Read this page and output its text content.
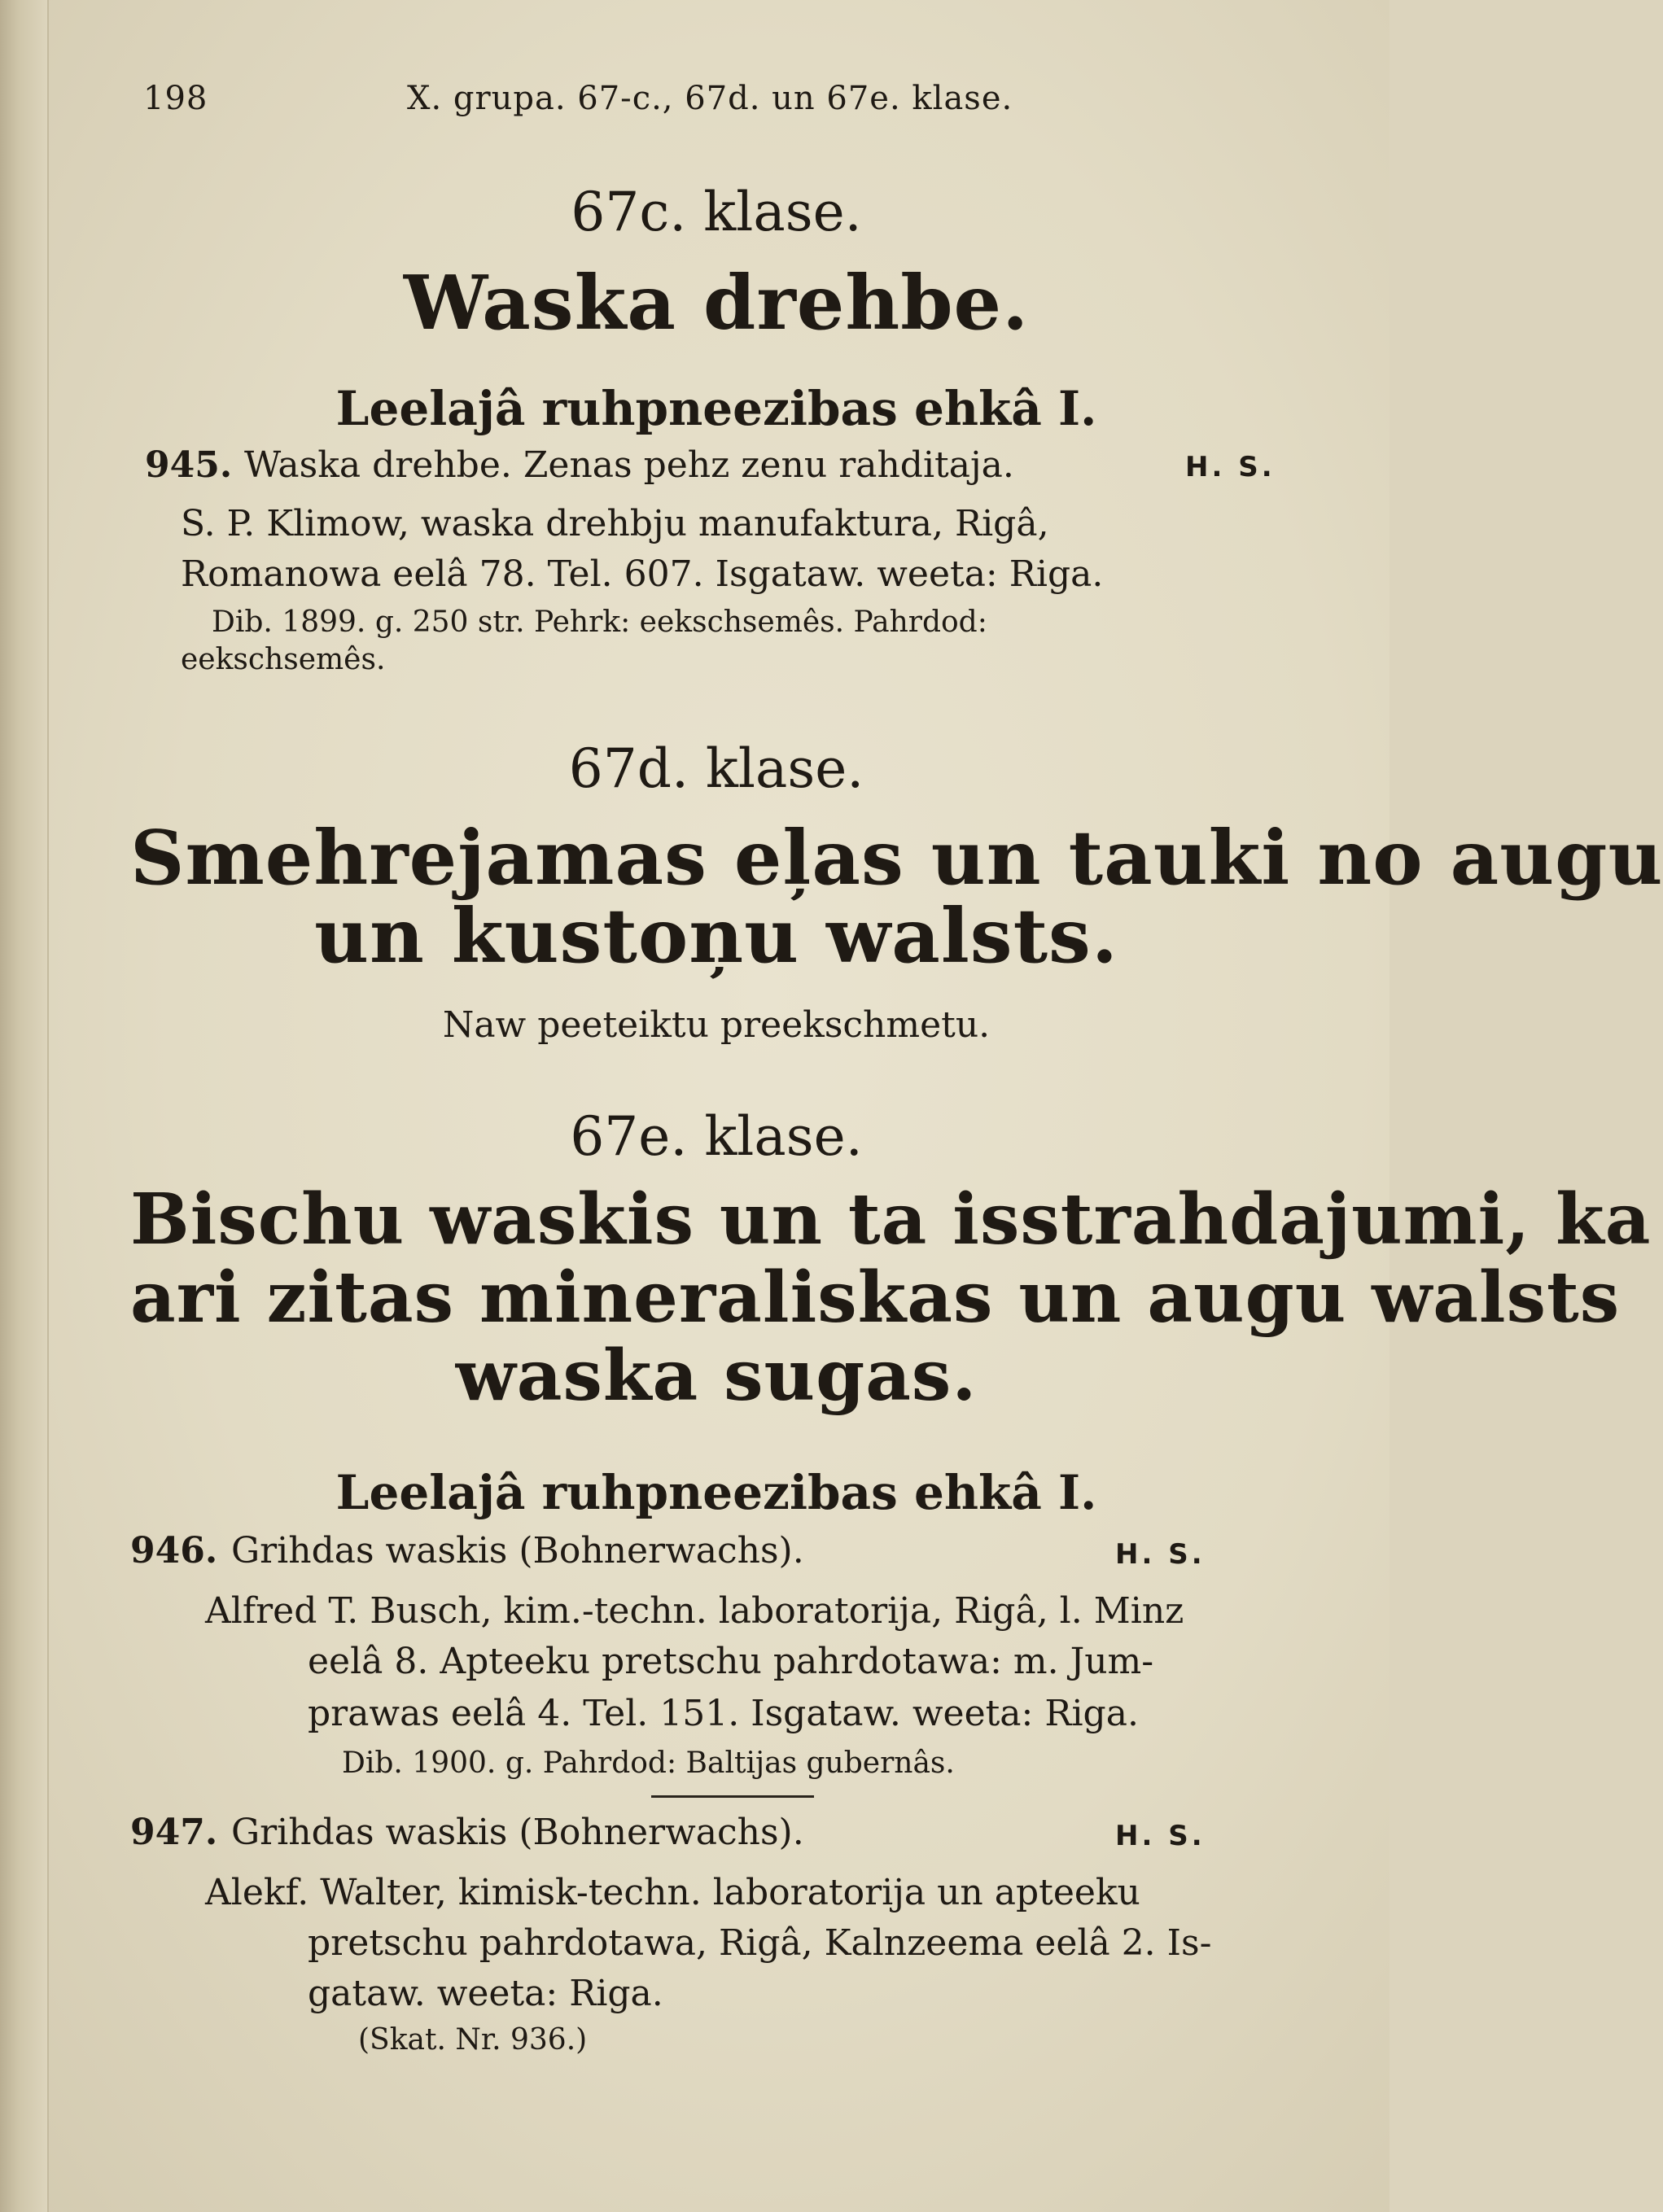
198	X. grupa. 67-c., 67d. un 67e. klase.
67c. klase.
Waska drehbe.
Leelajâ ruhpneezibas ehkâ I.
945. Waska drehbe. Zenas pehz zenu rahditaja.	H. S.
S. P. Klimow, waska drehbju manufaktura, Rigâ,
Romanowa eelâ 78. Tel. 607. Isgataw. weeta: Riga.
Dib. 1899. g. 250 str. Pehrk: eekschsemês. Pahrdod:
eekschsemês.
67d. klase.
Smehrejamas eļas un tauki no augu
un kustoņu walsts.
Naw peeteiktu preekschmetu.
67e. klase.
Bischu waskis un ta isstrahdajumi, ka
ari zitas mineraliskas un augu walsts
waska sugas.
Leelajâ ruhpneezibas ehkâ I.
946. Grihdas waskis (Bohnerwachs).	H. S.
Alfred T. Busch, kim.-techn. laboratorija, Rigâ, l. Minz
eelâ 8. Apteeku pretschu pahrdotawa: m. Jum-
prawas eelâ 4. Tel. 151. Isgataw. weeta: Riga.
Dib. 1900. g. Pahrdod: Baltijas gubernâs.
947. Grihdas waskis (Bohnerwachs).	H. S.
Alekf. Walter, kimisk-techn. laboratorija un apteeku
pretschu pahrdotawa, Rigâ, Kalnzeema eelâ 2. Is-
gataw. weeta: Riga.
(Skat. Nr. 936.)
